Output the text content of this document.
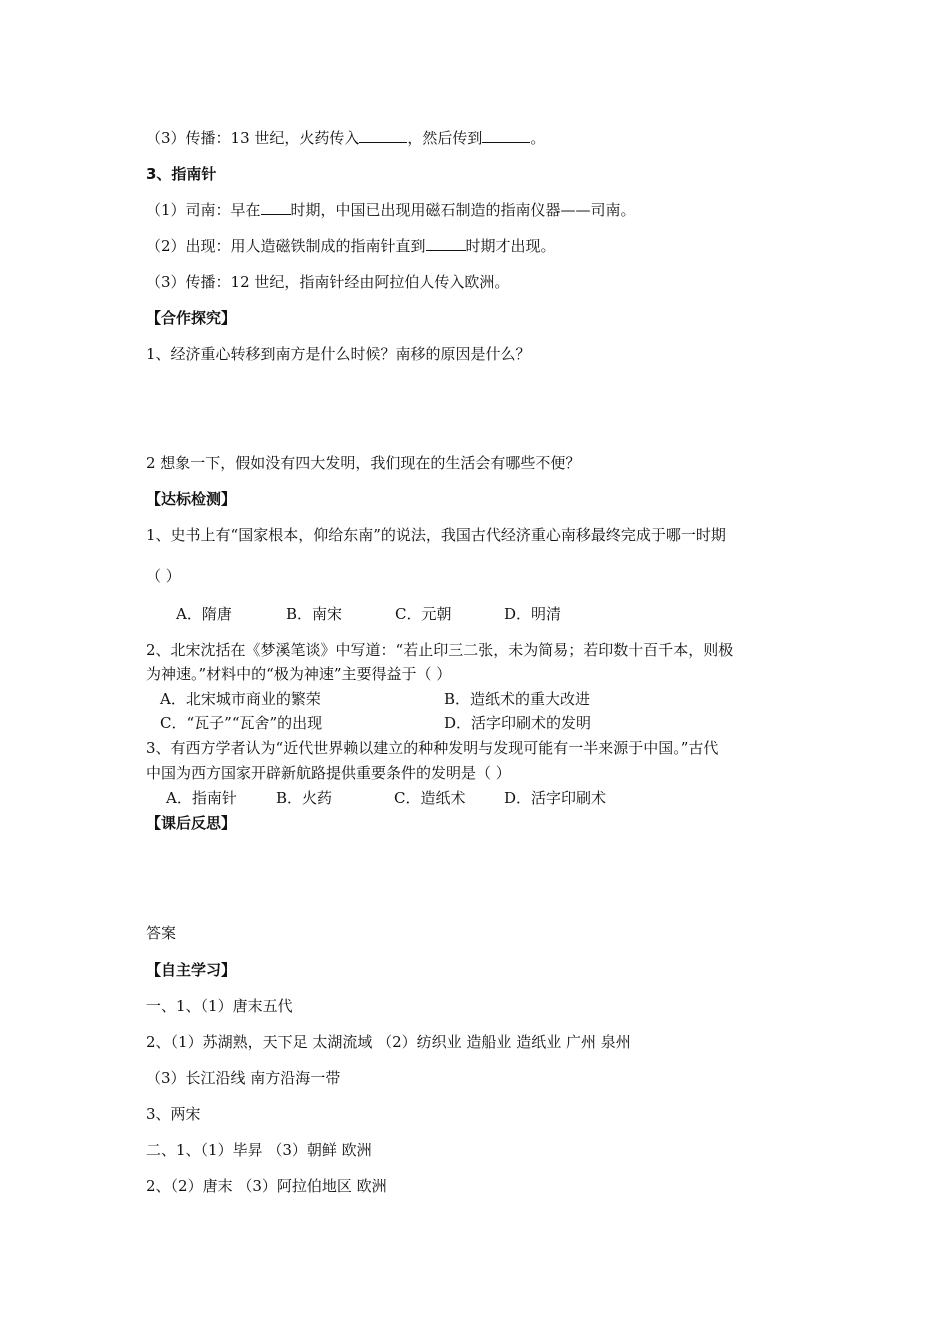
（3）传播：13 世纪，火药传入	，然后传到	。
3、指南针
（1）司南：早在 时期，中国已出现用磁石制造的指南仪器——司南。
（2）出现：用人造磁铁制成的指南针直到	时期才出现。
（3）传播：12 世纪，指南针经由阿拉伯人传入欧洲。
【合作探究】
1、经济重心转移到南方是什么时候？南移的原因是什么？
2 想象一下，假如没有四大发明，我们现在的生活会有哪些不便？
【达标检测】
1、史书上有“国家根本，仰给东南”的说法，我国古代经济重心南移最终完成于哪一时期
（ ）
A．隋唐	B．南宋	C．元朝	D．明清
2、北宋沈括在《梦溪笔谈》中写道：“若止印三二张，未为简易；若印数十百千本，则极
为神速。”材料中的“极为神速”主要得益于（ ）
A．北宋城市商业的繁荣	B．造纸术的重大改进
C．“瓦子”“瓦舍”的出现	D．活字印刷术的发明
3、有西方学者认为“近代世界赖以建立的种种发明与发现可能有一半来源于中国。”古代
中国为西方国家开辟新航路提供重要条件的发明是（ ）
A．指南针	B．火药	C．造纸术	D．活字印刷术
【课后反思】
答案
【自主学习】
一、1、（1）唐末五代
2、（1）苏湖熟，天下足 太湖流域 （2）纺织业 造船业 造纸业 广州 泉州
（3）长江沿线 南方沿海一带
3、两宋
二、1、（1）毕昇 （3）朝鲜 欧洲
2、（2）唐末 （3）阿拉伯地区 欧洲
